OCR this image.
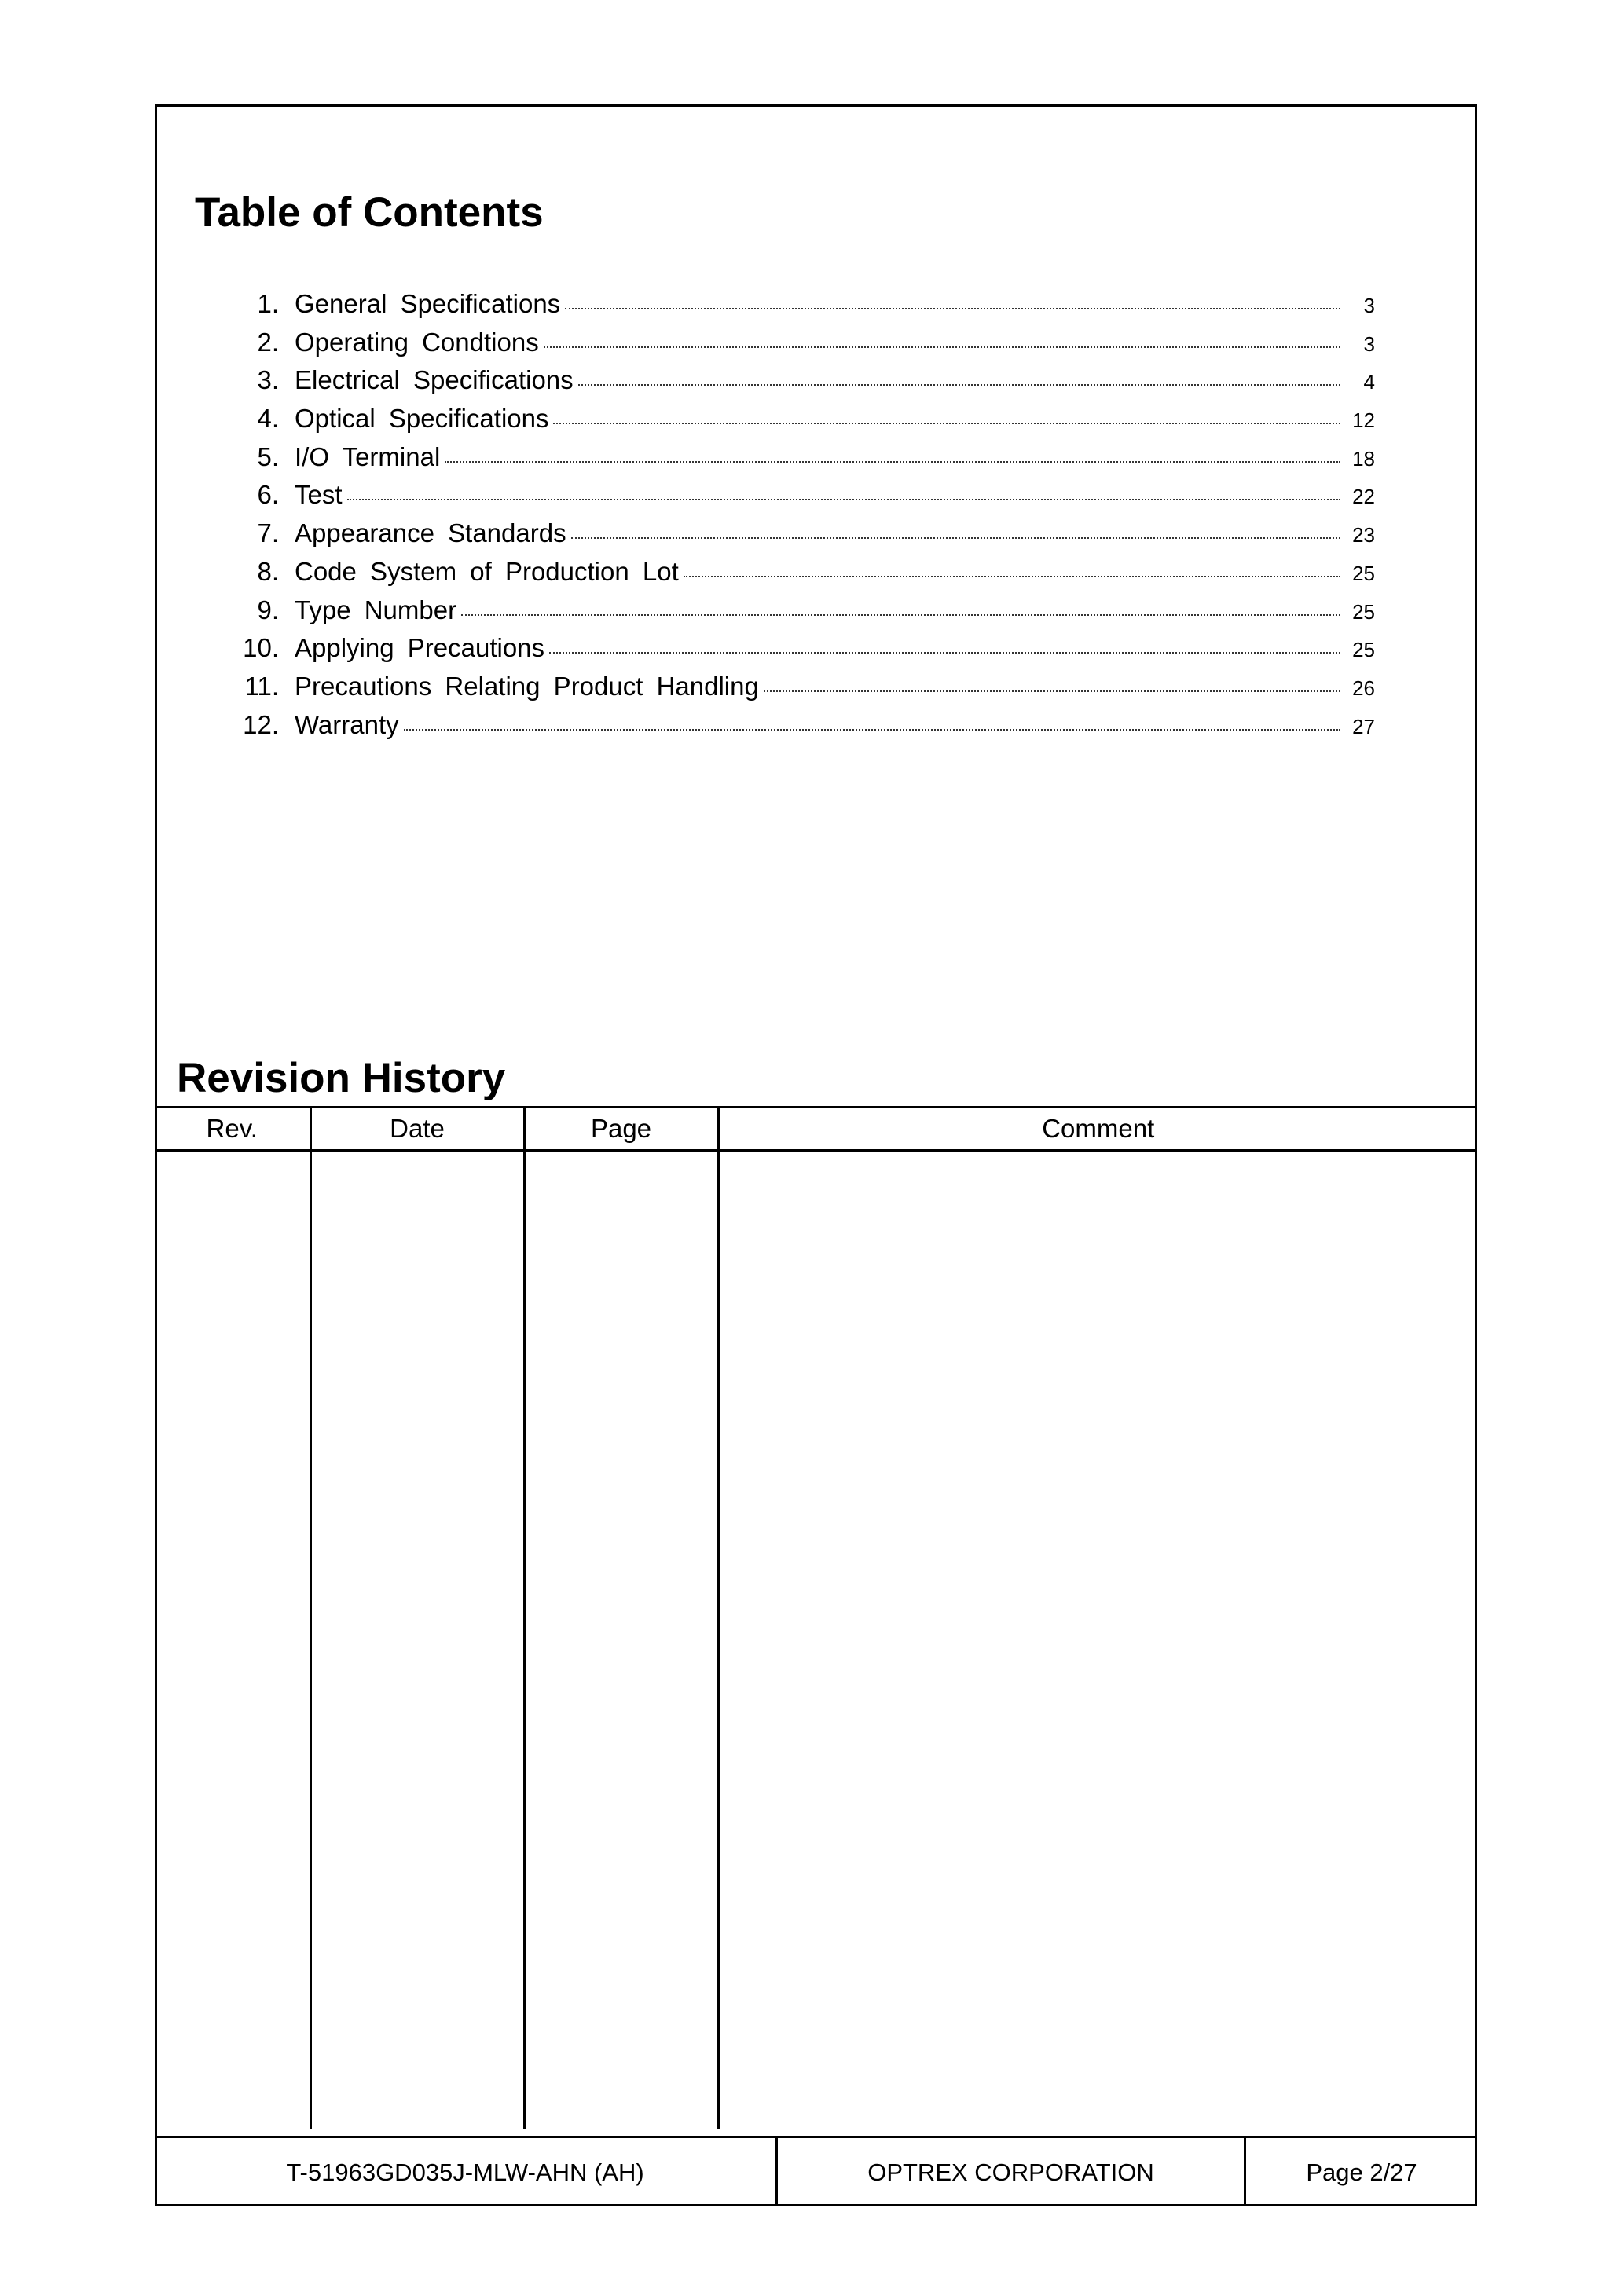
Table of Contents
1. General Specifications	3
2. Operating Condtions	3
3. Electrical Specifications	4
4. Optical Specifications	12
5. I/O Terminal	18
6. Test	22
7. Appearance Standards	23
8. Code System of Production Lot	25
9. Type Number	25
10. Applying Precautions	25
11. Precautions Relating Product Handling	26
12. Warranty	27
Revision History
Rev.	Date	Page	Comment

T-51963GD035J-MLW-AHN (AH)	OPTREX CORPORATION	Page 2/27
